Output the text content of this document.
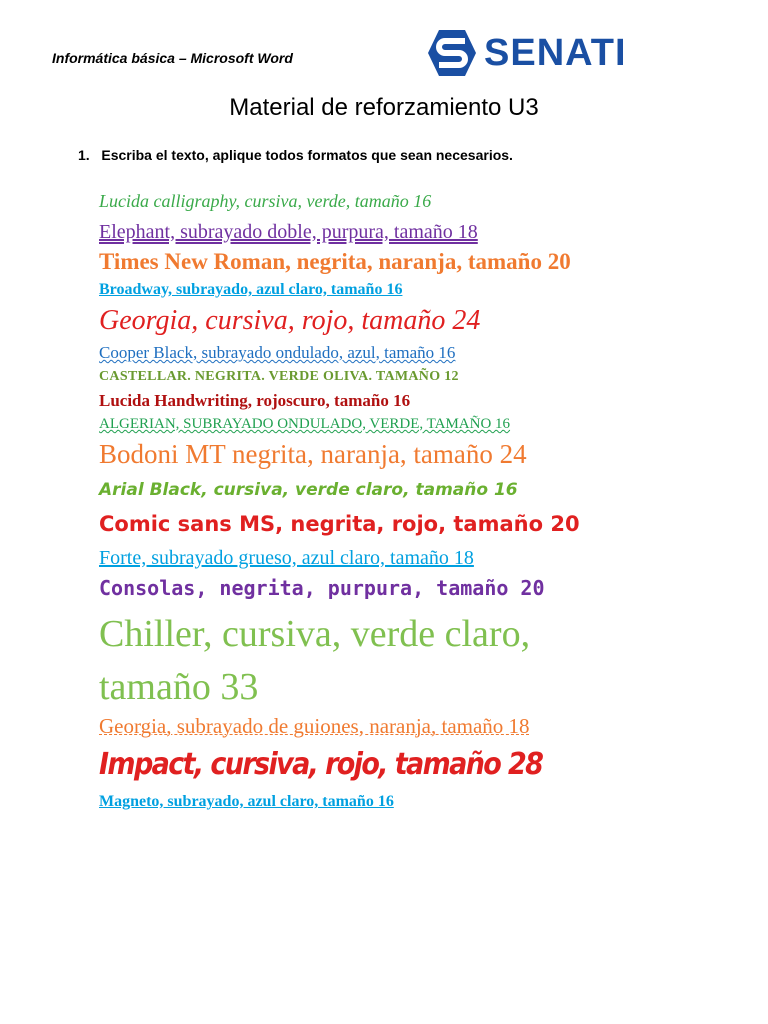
Informática básica – Microsoft Word	SENATI
Material de reforzamiento U3
1. Escriba el texto, aplique todos formatos que sean necesarios.
Lucida calligraphy, cursiva, verde, tamaño 16
Elephant, subrayado doble, purpura, tamaño 18
Times New Roman, negrita, naranja, tamaño 20
Broadway, subrayado, azul claro, tamaño 16
Georgia, cursiva, rojo, tamaño 24
Cooper Black, subrayado ondulado, azul, tamaño 16
CASTELLAR. NEGRITA. VERDE OLIVA. TAMAÑO 12
Lucida Handwriting, rojoscuro, tamaño 16
ALGERIAN, SUBRAYADO ONDULADO, VERDE, TAMAÑO 16
Bodoni MT negrita, naranja, tamaño 24
Arial Black, cursiva, verde claro, tamaño 16
Comic sans MS, negrita, rojo, tamaño 20
Forte, subrayado grueso, azul claro, tamaño 18
Consolas, negrita, purpura, tamaño 20
Chiller, cursiva, verde claro,
tamaño 33
Georgia, subrayado de guiones, naranja, tamaño 18
Impact, cursiva, rojo, tamaño 28
Magneto, subrayado, azul claro, tamaño 16
